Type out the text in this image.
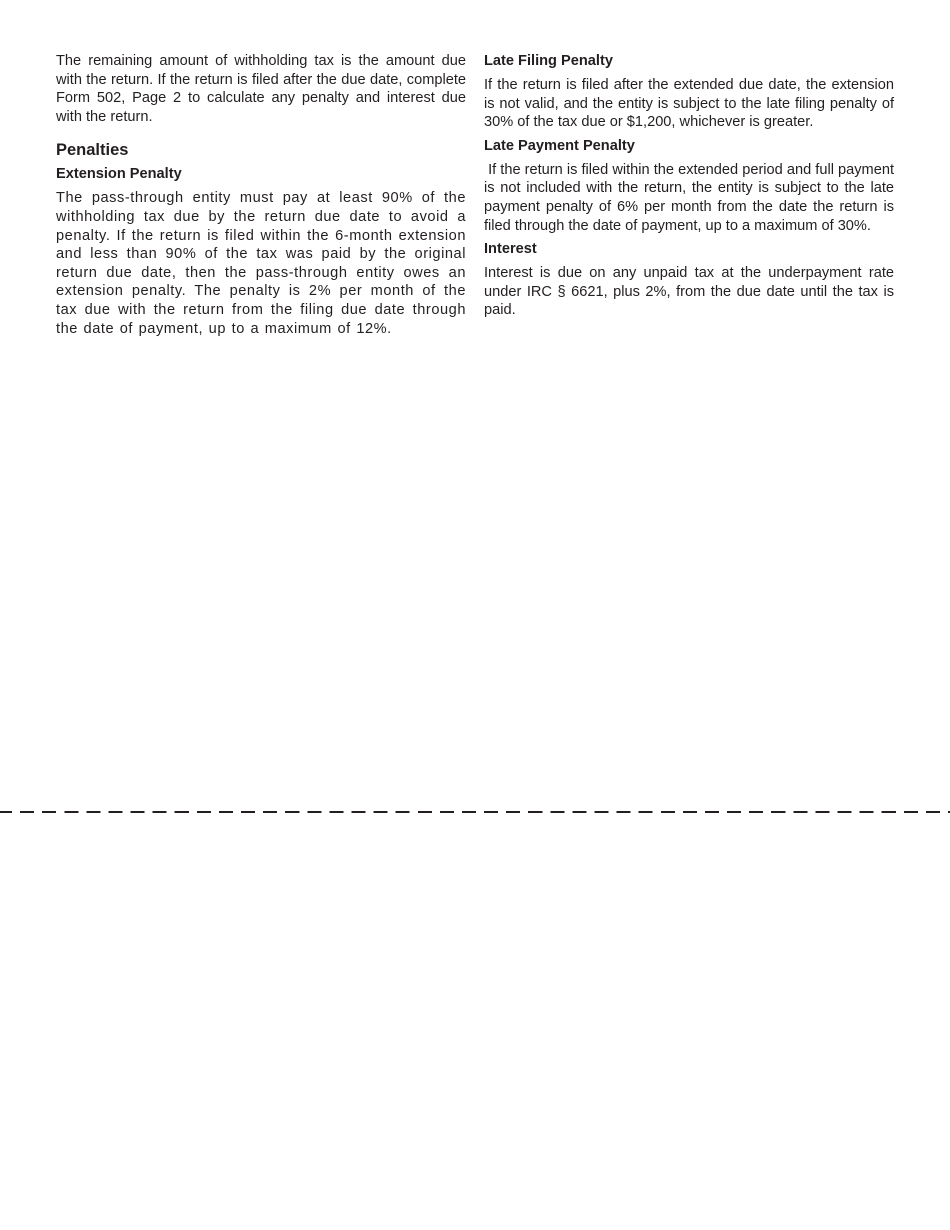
The remaining amount of withholding tax is the amount due with the return. If the return is filed after the due date, complete Form 502, Page 2 to calculate any penalty and interest due with the return.

Penalties
Extension Penalty

The pass-through entity must pay at least 90% of the withholding tax due by the return due date to avoid a penalty. If the return is filed within the 6-month extension and less than 90% of the tax was paid by the original return due date, then the pass-through entity owes an extension penalty. The penalty is 2% per month of the tax due with the return from the filing due date through the date of payment, up to a maximum of 12%.

Late Filing Penalty

If the return is filed after the extended due date, the extension is not valid, and the entity is subject to the late filing penalty of 30% of the tax due or $1,200, whichever is greater.

Late Payment Penalty

If the return is filed within the extended period and full payment is not included with the return, the entity is subject to the late payment penalty of 6% per month from the date the return is filed through the date of payment, up to a maximum of 30%.

Interest

Interest is due on any unpaid tax at the underpayment rate under IRC § 6621, plus 2%, from the due date until the tax is paid.
